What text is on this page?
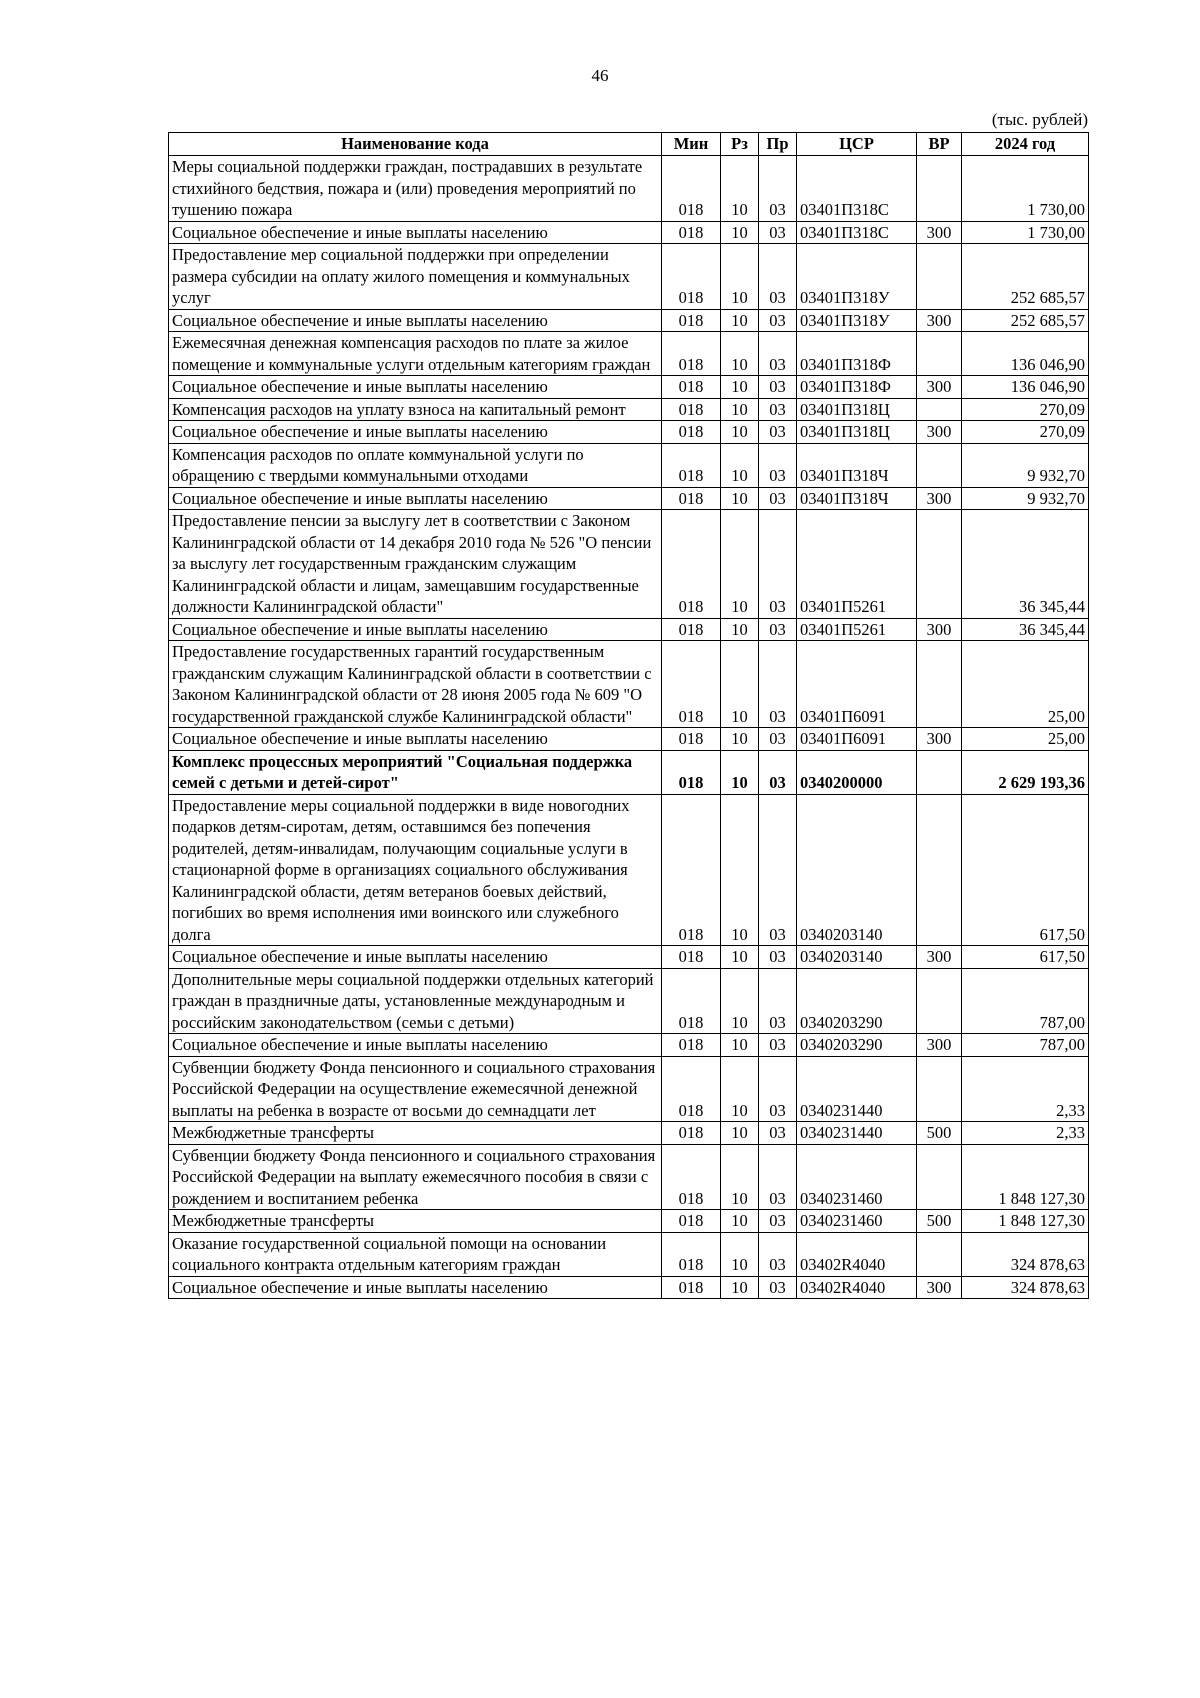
46
(тыс. рублей)
Наименование кода	Мин	Рз	Пр	ЦСР	ВР	2024 год
Меры социальной поддержки граждан, пострадавших в результате стихийного бедствия, пожара и (или) проведения мероприятий по тушению пожара	018	10	03	03401П318С		1 730,00
Социальное обеспечение и иные выплаты населению	018	10	03	03401П318С	300	1 730,00
Предоставление мер социальной поддержки при определении размера субсидии на оплату жилого помещения и коммунальных услуг	018	10	03	03401П318У		252 685,57
Социальное обеспечение и иные выплаты населению	018	10	03	03401П318У	300	252 685,57
Ежемесячная денежная компенсация расходов по плате за жилое помещение и коммунальные услуги отдельным категориям граждан	018	10	03	03401П318Ф		136 046,90
Социальное обеспечение и иные выплаты населению	018	10	03	03401П318Ф	300	136 046,90
Компенсация расходов на уплату взноса на капитальный ремонт	018	10	03	03401П318Ц		270,09
Социальное обеспечение и иные выплаты населению	018	10	03	03401П318Ц	300	270,09
Компенсация расходов по оплате коммунальной услуги по обращению с твердыми коммунальными отходами	018	10	03	03401П318Ч		9 932,70
Социальное обеспечение и иные выплаты населению	018	10	03	03401П318Ч	300	9 932,70
Предоставление пенсии за выслугу лет в соответствии с Законом Калининградской области от 14 декабря 2010 года № 526 "О пенсии за выслугу лет государственным гражданским служащим Калининградской области и лицам, замещавшим государственные должности Калининградской области"	018	10	03	03401П5261		36 345,44
Социальное обеспечение и иные выплаты населению	018	10	03	03401П5261	300	36 345,44
Предоставление государственных гарантий государственным гражданским служащим Калининградской области в соответствии с Законом Калининградской области от 28 июня 2005 года № 609 "О государственной гражданской службе Калининградской области"	018	10	03	03401П6091		25,00
Социальное обеспечение и иные выплаты населению	018	10	03	03401П6091	300	25,00
Комплекс процессных мероприятий "Социальная поддержка семей с детьми и детей-сирот"	018	10	03	0340200000		2 629 193,36
Предоставление меры социальной поддержки в виде новогодних подарков детям-сиротам, детям, оставшимся без попечения родителей, детям-инвалидам, получающим социальные услуги в стационарной форме в организациях социального обслуживания Калининградской области, детям ветеранов боевых действий, погибших во время исполнения ими воинского или служебного долга	018	10	03	0340203140		617,50
Социальное обеспечение и иные выплаты населению	018	10	03	0340203140	300	617,50
Дополнительные меры социальной поддержки отдельных категорий граждан в праздничные даты, установленные международным и российским законодательством (семьи с детьми)	018	10	03	0340203290		787,00
Социальное обеспечение и иные выплаты населению	018	10	03	0340203290	300	787,00
Субвенции бюджету Фонда пенсионного и социального страхования Российской Федерации на осуществление ежемесячной денежной выплаты на ребенка в возрасте от восьми до семнадцати лет	018	10	03	0340231440		2,33
Межбюджетные трансферты	018	10	03	0340231440	500	2,33
Субвенции бюджету Фонда пенсионного и социального страхования Российской Федерации на выплату ежемесячного пособия в связи с рождением и воспитанием ребенка	018	10	03	0340231460		1 848 127,30
Межбюджетные трансферты	018	10	03	0340231460	500	1 848 127,30
Оказание государственной социальной помощи на основании социального контракта отдельным категориям граждан	018	10	03	03402R4040		324 878,63
Социальное обеспечение и иные выплаты населению	018	10	03	03402R4040	300	324 878,63
